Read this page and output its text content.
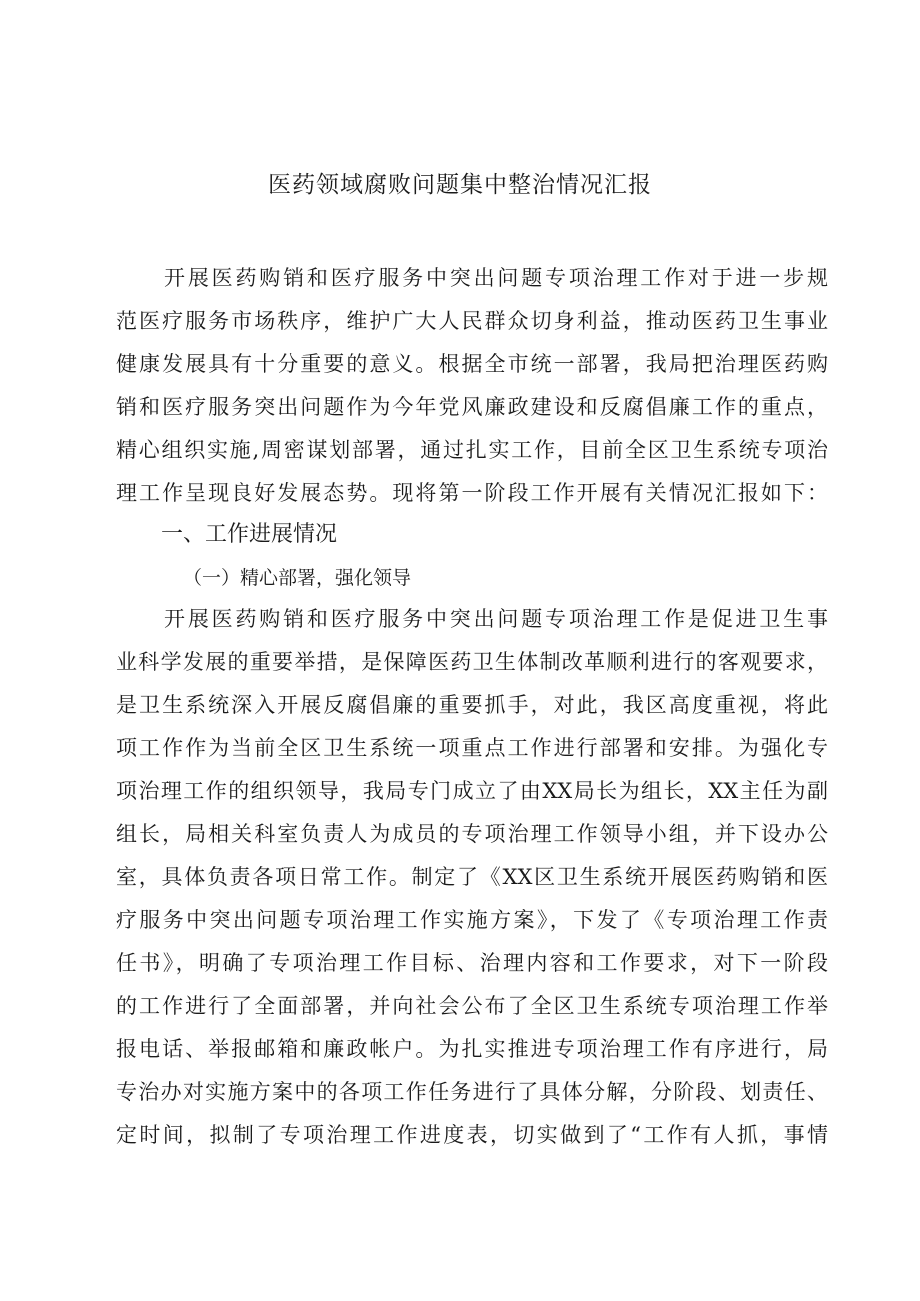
医药领域腐败问题集中整治情况汇报

开展医药购销和医疗服务中突出问题专项治理工作对于进一步规

范医疗服务市场秩序，维护广大人民群众切身利益，推动医药卫生事业

健康发展具有十分重要的意义。根据全市统一部署，我局把治理医药购

销和医疗服务突出问题作为今年党风廉政建设和反腐倡廉工作的重点，

精心组织实施,周密谋划部署，通过扎实工作，目前全区卫生系统专项治

理工作呈现良好发展态势。现将第一阶段工作开展有关情况汇报如下：

一、工作进展情况
（一）精心部署，强化领导

开展医药购销和医疗服务中突出问题专项治理工作是促进卫生事

业科学发展的重要举措，是保障医药卫生体制改革顺利进行的客观要求，

是卫生系统深入开展反腐倡廉的重要抓手，对此，我区高度重视，将此

项工作作为当前全区卫生系统一项重点工作进行部署和安排。为强化专

项治理工作的组织领导，我局专门成立了由XX局长为组长，XX主任为副

组长，局相关科室负责人为成员的专项治理工作领导小组，并下设办公

室，具体负责各项日常工作。制定了《XX区卫生系统开展医药购销和医

疗服务中突出问题专项治理工作实施方案》，下发了《专项治理工作责

任书》，明确了专项治理工作目标、治理内容和工作要求，对下一阶段

的工作进行了全面部署，并向社会公布了全区卫生系统专项治理工作举

报电话、举报邮箱和廉政帐户。为扎实推进专项治理工作有序进行，局

专治办对实施方案中的各项工作任务进行了具体分解，分阶段、划责任、

定时间，拟制了专项治理工作进度表，切实做到了“工作有人抓，事情
